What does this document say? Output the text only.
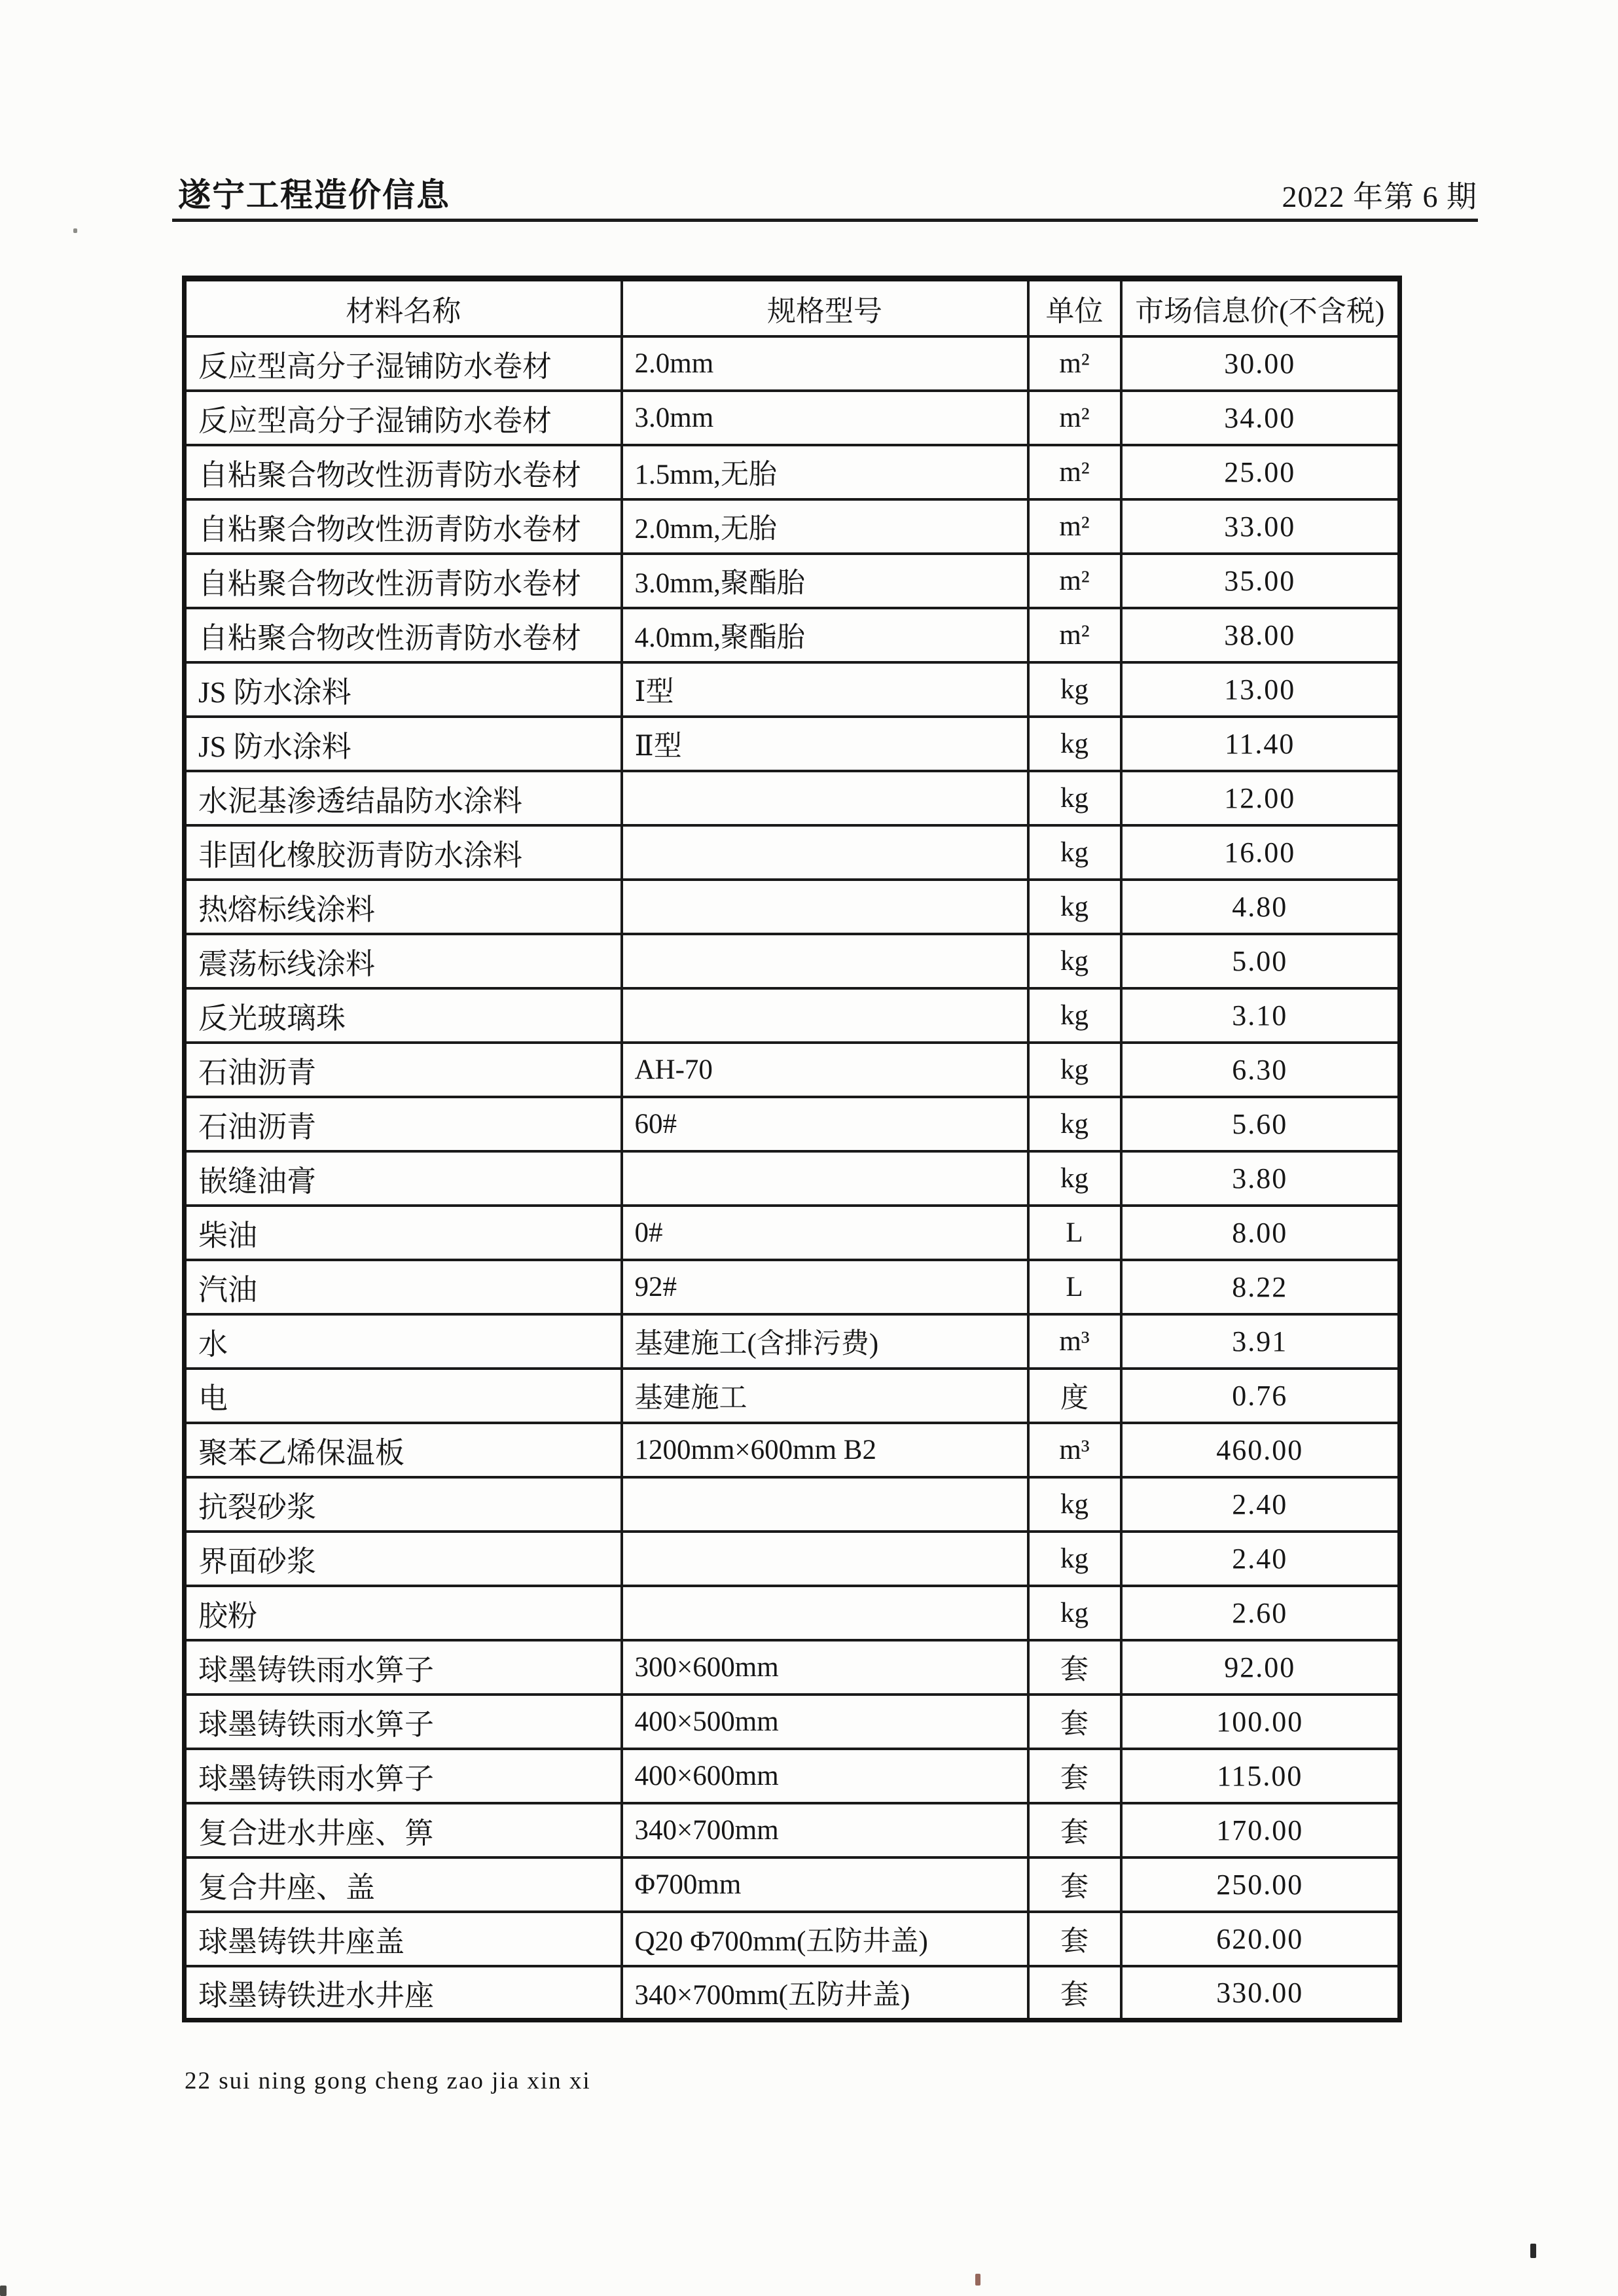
遂宁工程造价信息	2022 年第 6 期
材料名称	规格型号	单位	市场信息价(不含税)
反应型高分子湿铺防水卷材	2.0mm	m²	30.00
反应型高分子湿铺防水卷材	3.0mm	m²	34.00
自粘聚合物改性沥青防水卷材	1.5mm,无胎	m²	25.00
自粘聚合物改性沥青防水卷材	2.0mm,无胎	m²	33.00
自粘聚合物改性沥青防水卷材	3.0mm,聚酯胎	m²	35.00
自粘聚合物改性沥青防水卷材	4.0mm,聚酯胎	m²	38.00
JS 防水涂料	Ⅰ型	kg	13.00
JS 防水涂料	Ⅱ型	kg	11.40
水泥基渗透结晶防水涂料		kg	12.00
非固化橡胶沥青防水涂料		kg	16.00
热熔标线涂料		kg	4.80
震荡标线涂料		kg	5.00
反光玻璃珠		kg	3.10
石油沥青	AH-70	kg	6.30
石油沥青	60#	kg	5.60
嵌缝油膏		kg	3.80
柴油	0#	L	8.00
汽油	92#	L	8.22
水	基建施工(含排污费)	m³	3.91
电	基建施工	度	0.76
聚苯乙烯保温板	1200mm×600mm B2	m³	460.00
抗裂砂浆		kg	2.40
界面砂浆		kg	2.40
胶粉		kg	2.60
球墨铸铁雨水箅子	300×600mm	套	92.00
球墨铸铁雨水箅子	400×500mm	套	100.00
球墨铸铁雨水箅子	400×600mm	套	115.00
复合进水井座、箅	340×700mm	套	170.00
复合井座、盖	Φ700mm	套	250.00
球墨铸铁井座盖	Q20 Φ700mm(五防井盖)	套	620.00
球墨铸铁进水井座	340×700mm(五防井盖)	套	330.00
22 sui ning gong cheng zao jia xin xi
